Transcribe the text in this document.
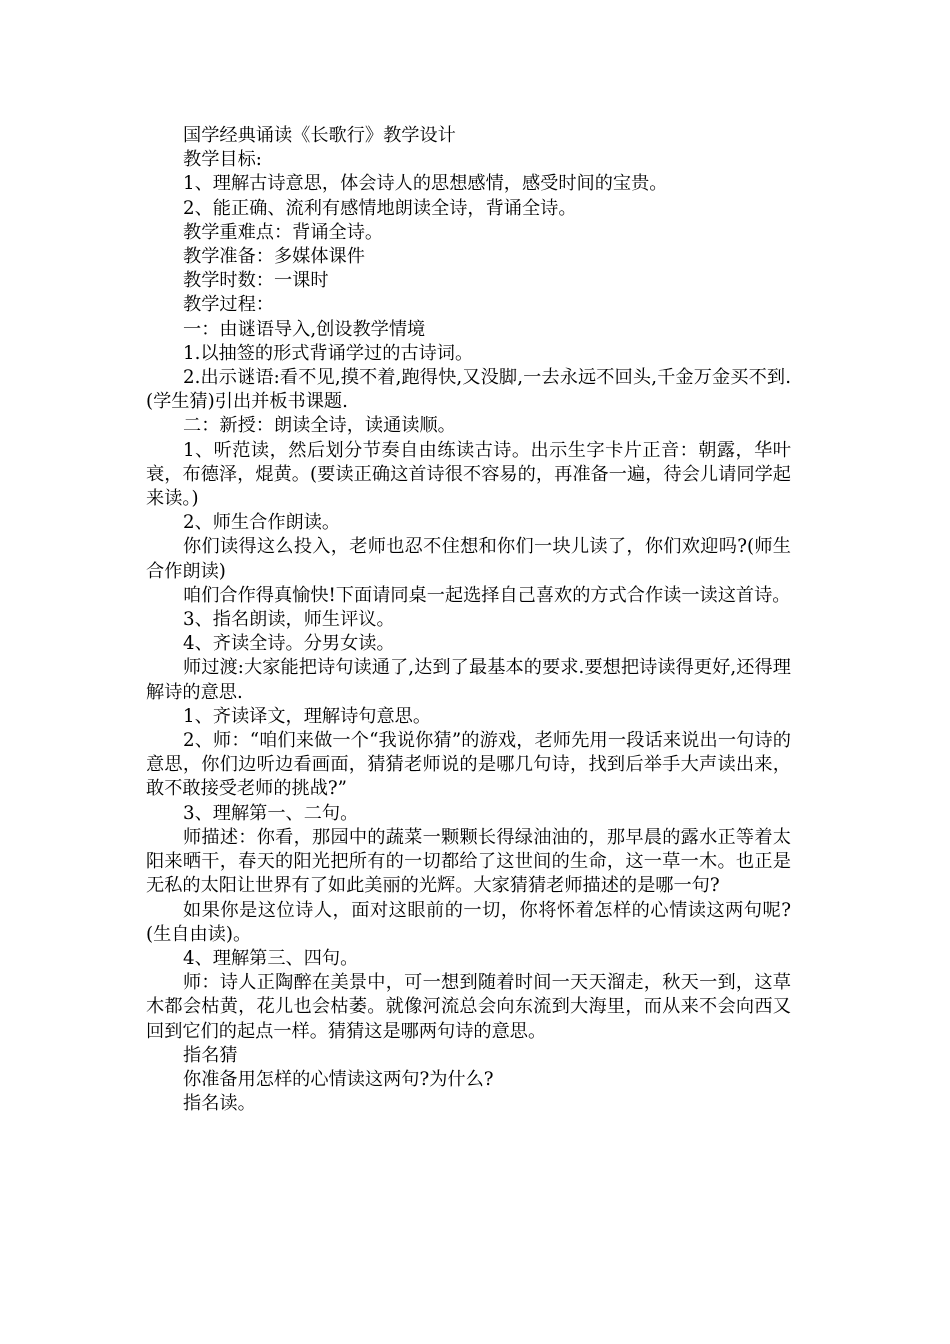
国学经典诵读《长歌行》教学设计

教学目标:

1、理解古诗意思，体会诗人的思想感情，感受时间的宝贵。

2、能正确、流利有感情地朗读全诗，背诵全诗。

教学重难点：背诵全诗。

教学准备：多媒体课件

教学时数：一课时

教学过程：

一：由谜语导入,创设教学情境

1.以抽签的形式背诵学过的古诗词。

2.出示谜语:看不见,摸不着,跑得快,又没脚,一去永远不回头,千金万金买不到.(学生猜)引出并板书课题.

二：新授：朗读全诗，读通读顺。

1、听范读，然后划分节奏自由练读古诗。出示生字卡片正音：朝露，华叶衰，布德泽，焜黄。(要读正确这首诗很不容易的，再准备一遍，待会儿请同学起来读。)

2、师生合作朗读。

你们读得这么投入，老师也忍不住想和你们一块儿读了，你们欢迎吗?(师生合作朗读)

咱们合作得真愉快!下面请同桌一起选择自己喜欢的方式合作读一读这首诗。

3、指名朗读，师生评议。

4、齐读全诗。分男女读。

师过渡:大家能把诗句读通了,达到了最基本的要求.要想把诗读得更好,还得理解诗的意思.

1、齐读译文，理解诗句意思。

2、师：“咱们来做一个“我说你猜”的游戏，老师先用一段话来说出一句诗的意思，你们边听边看画面，猜猜老师说的是哪几句诗，找到后举手大声读出来，敢不敢接受老师的挑战?”

3、理解第一、二句。

师描述：你看，那园中的蔬菜一颗颗长得绿油油的，那早晨的露水正等着太阳来晒干，春天的阳光把所有的一切都给了这世间的生命，这一草一木。也正是无私的太阳让世界有了如此美丽的光辉。大家猜猜老师描述的是哪一句?

如果你是这位诗人，面对这眼前的一切，你将怀着怎样的心情读这两句呢?(生自由读)。

4、理解第三、四句。

师：诗人正陶醉在美景中，可一想到随着时间一天天溜走，秋天一到，这草木都会枯黄，花儿也会枯萎。就像河流总会向东流到大海里，而从来不会向西又回到它们的起点一样。猜猜这是哪两句诗的意思。

指名猜

你准备用怎样的心情读这两句?为什么?

指名读。
